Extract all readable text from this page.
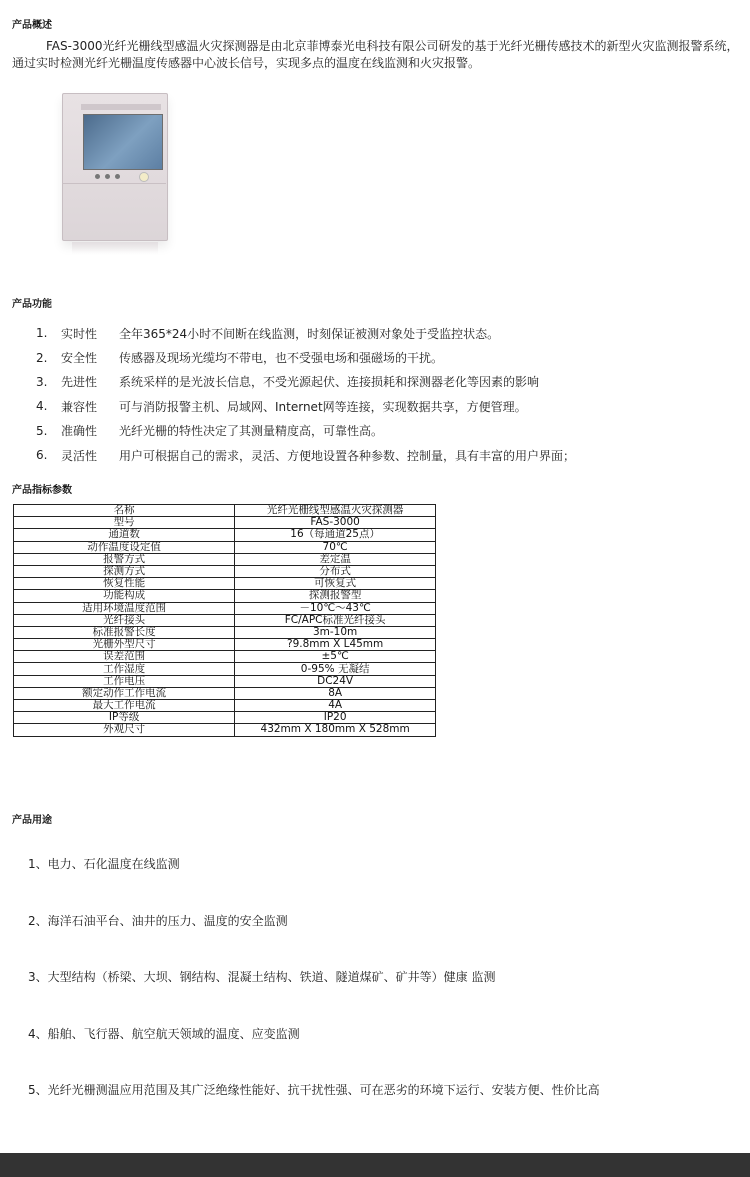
产品概述
FAS-3000光纤光栅线型感温火灾探测器是由北京菲博泰光电科技有限公司研发的基于光纤光栅传感技术的新型火灾监测报警系统，通过实时检测光纤光栅温度传感器中心波长信号，实现多点的温度在线监测和火灾报警。
产品功能
1.	实时性	全年365*24小时不间断在线监测，时刻保证被测对象处于受监控状态。
2.	安全性	传感器及现场光缆均不带电，也不受强电场和强磁场的干扰。
3.	先进性	系统采样的是光波长信息，不受光源起伏、连接损耗和探测器老化等因素的影响
4.	兼容性	可与消防报警主机、局域网、Internet网等连接，实现数据共享，方便管理。
5.	准确性	光纤光栅的特性决定了其测量精度高，可靠性高。
6.	灵活性	用户可根据自己的需求，灵活、方便地设置各种参数、控制量，具有丰富的用户界面；
产品指标参数
名称	光纤光栅线型感温火灾探测器
型号	FAS-3000
通道数	16（每通道25点）
动作温度设定值	70℃
报警方式	差定温
探测方式	分布式
恢复性能	可恢复式
功能构成	探测报警型
适用环境温度范围	－10℃～43℃
光纤接头	FC/APC标准光纤接头
标准报警长度	3m-10m
光栅外型尺寸	?9.8mm X L45mm
误差范围	±5℃
工作湿度	0-95% 无凝结
工作电压	DC24V
额定动作工作电流	8A
最大工作电流	4A
IP等级	IP20
外观尺寸	432mm X 180mm X 528mm
产品用途
1、电力、石化温度在线监测
2、海洋石油平台、油井的压力、温度的安全监测
3、大型结构（桥梁、大坝、钢结构、混凝土结构、铁道、隧道煤矿、矿井等）健康 监测
4、船舶、飞行器、航空航天领域的温度、应变监测
5、光纤光栅测温应用范围及其广泛绝缘性能好、抗干扰性强、可在恶劣的环境下运行、安装方便、性价比高
